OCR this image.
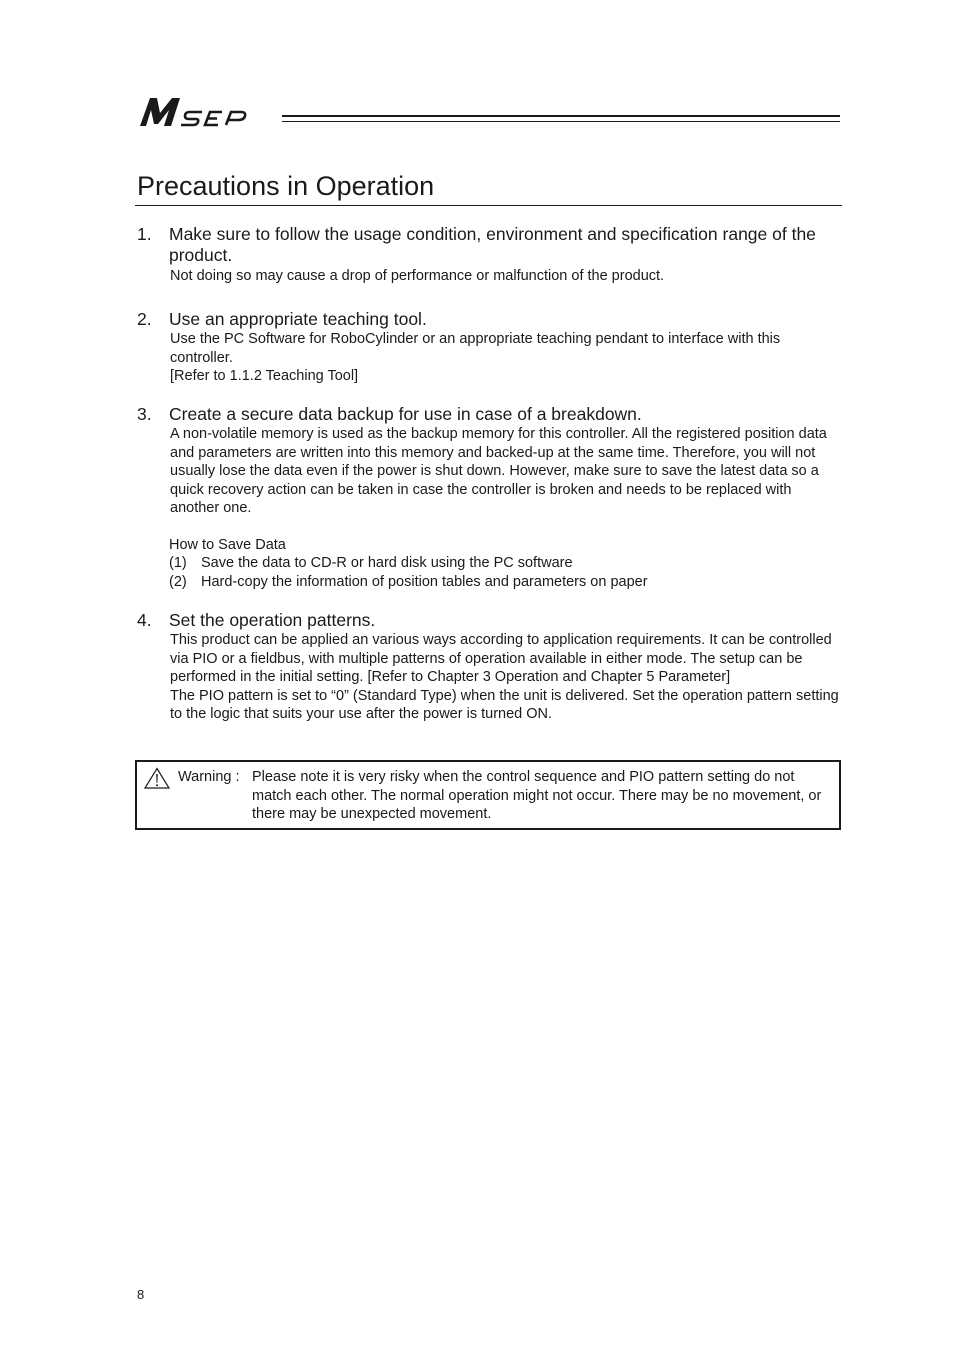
Precautions in Operation
1. Make sure to follow the usage condition, environment and specification range of the product.

Not doing so may cause a drop of performance or malfunction of the product.

2. Use an appropriate teaching tool.

Use the PC Software for RoboCylinder or an appropriate teaching pendant to interface with this controller.

[Refer to 1.1.2 Teaching Tool]

3. Create a secure data backup for use in case of a breakdown.

A non-volatile memory is used as the backup memory for this controller. All the registered position data and parameters are written into this memory and backed-up at the same time. Therefore, you will not usually lose the data even if the power is shut down. However, make sure to save the latest data so a quick recovery action can be taken in case the controller is broken and needs to be replaced with another one.

How to Save Data
(1) Save the data to CD-R or hard disk using the PC software
(2) Hard-copy the information of position tables and parameters on paper
4. Set the operation patterns.

This product can be applied an various ways according to application requirements. It can be controlled via PIO or a fieldbus, with multiple patterns of operation available in either mode. The setup can be performed in the initial setting. [Refer to Chapter 3 Operation and Chapter 5 Parameter]

The PIO pattern is set to “0” (Standard Type) when the unit is delivered. Set the operation pattern setting to the logic that suits your use after the power is turned ON.

Warning : Please note it is very risky when the control sequence and PIO pattern setting do not match each other. The normal operation might not occur. There may be no movement, or there may be unexpected movement.
8
